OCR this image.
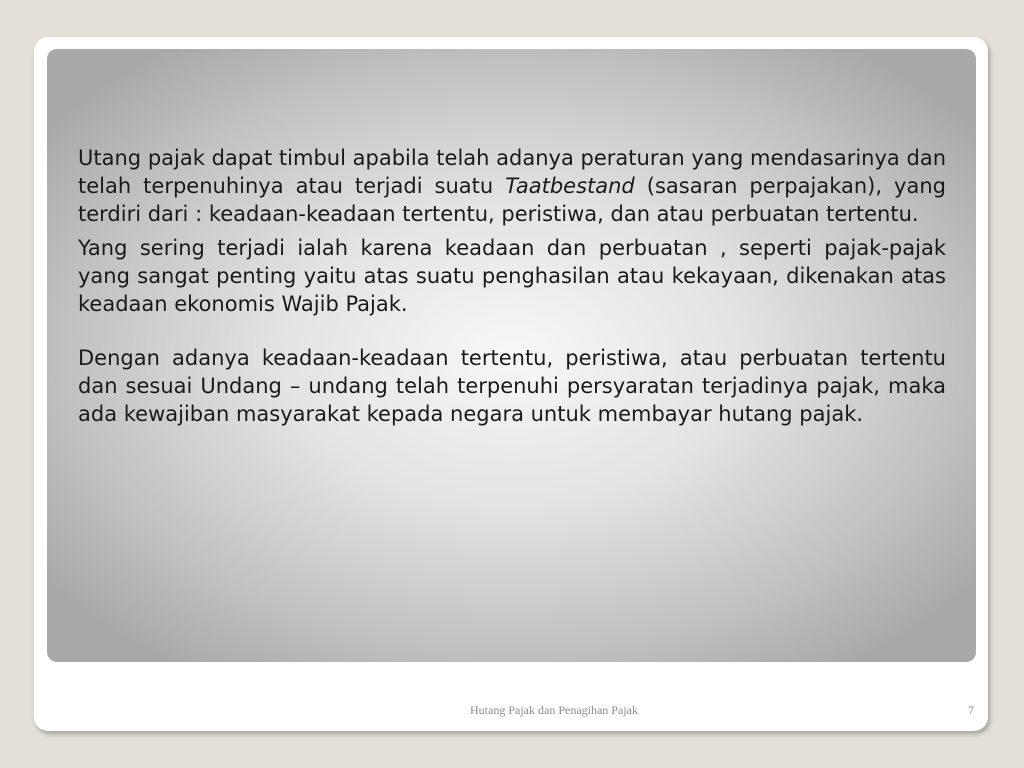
Utang pajak dapat timbul apabila telah adanya peraturan yang mendasarinya dan telah terpenuhinya atau terjadi suatu Taatbestand (sasaran perpajakan), yang terdiri dari : keadaan-keadaan tertentu, peristiwa, dan atau perbuatan tertentu.

Yang sering terjadi ialah karena keadaan dan perbuatan , seperti pajak-pajak yang sangat penting yaitu atas suatu penghasilan atau kekayaan, dikenakan atas keadaan ekonomis Wajib Pajak.

Dengan adanya keadaan-keadaan tertentu, peristiwa, atau perbuatan tertentu dan sesuai Undang – undang telah terpenuhi persyaratan terjadinya pajak, maka ada kewajiban masyarakat kepada negara untuk membayar hutang pajak.

Hutang Pajak dan Penagihan Pajak	7
